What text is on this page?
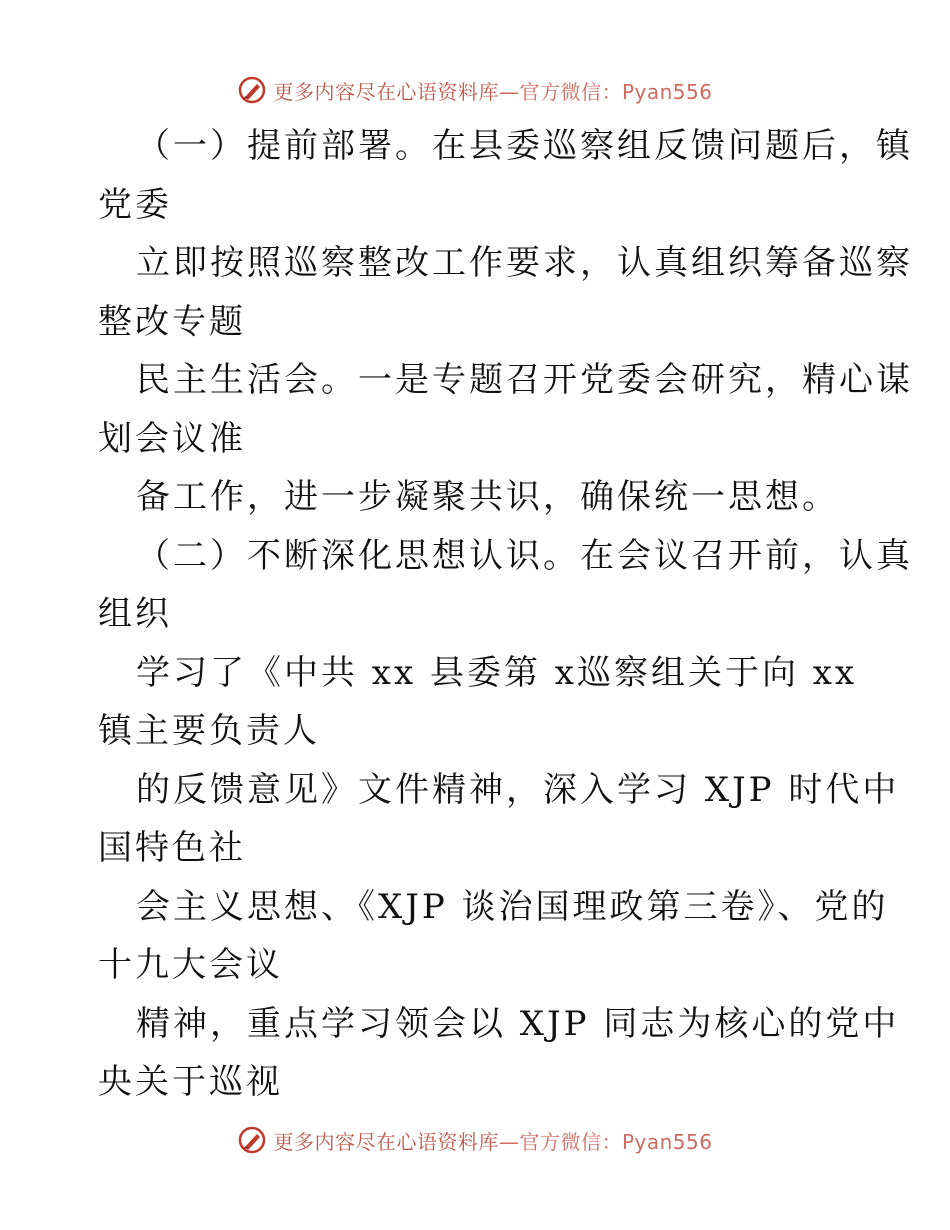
更多内容尽在心语资料库—官方微信：Pyan556
（一）提前部署。在县委巡察组反馈问题后，镇
党委
立即按照巡察整改工作要求，认真组织筹备巡察
整改专题
民主生活会。一是专题召开党委会研究，精心谋
划会议准
备工作，进一步凝聚共识，确保统一思想。
（二）不断深化思想认识。在会议召开前，认真
组织
学习了《中共 xx 县委第 x巡察组关于向 xx
镇主要负责人
的反馈意见》文件精神，深入学习 XJP 时代中
国特色社
会主义思想、《XJP 谈治国理政第三卷》、党的
十九大会议
精神，重点学习领会以 XJP 同志为核心的党中
央关于巡视
更多内容尽在心语资料库—官方微信：Pyan556
